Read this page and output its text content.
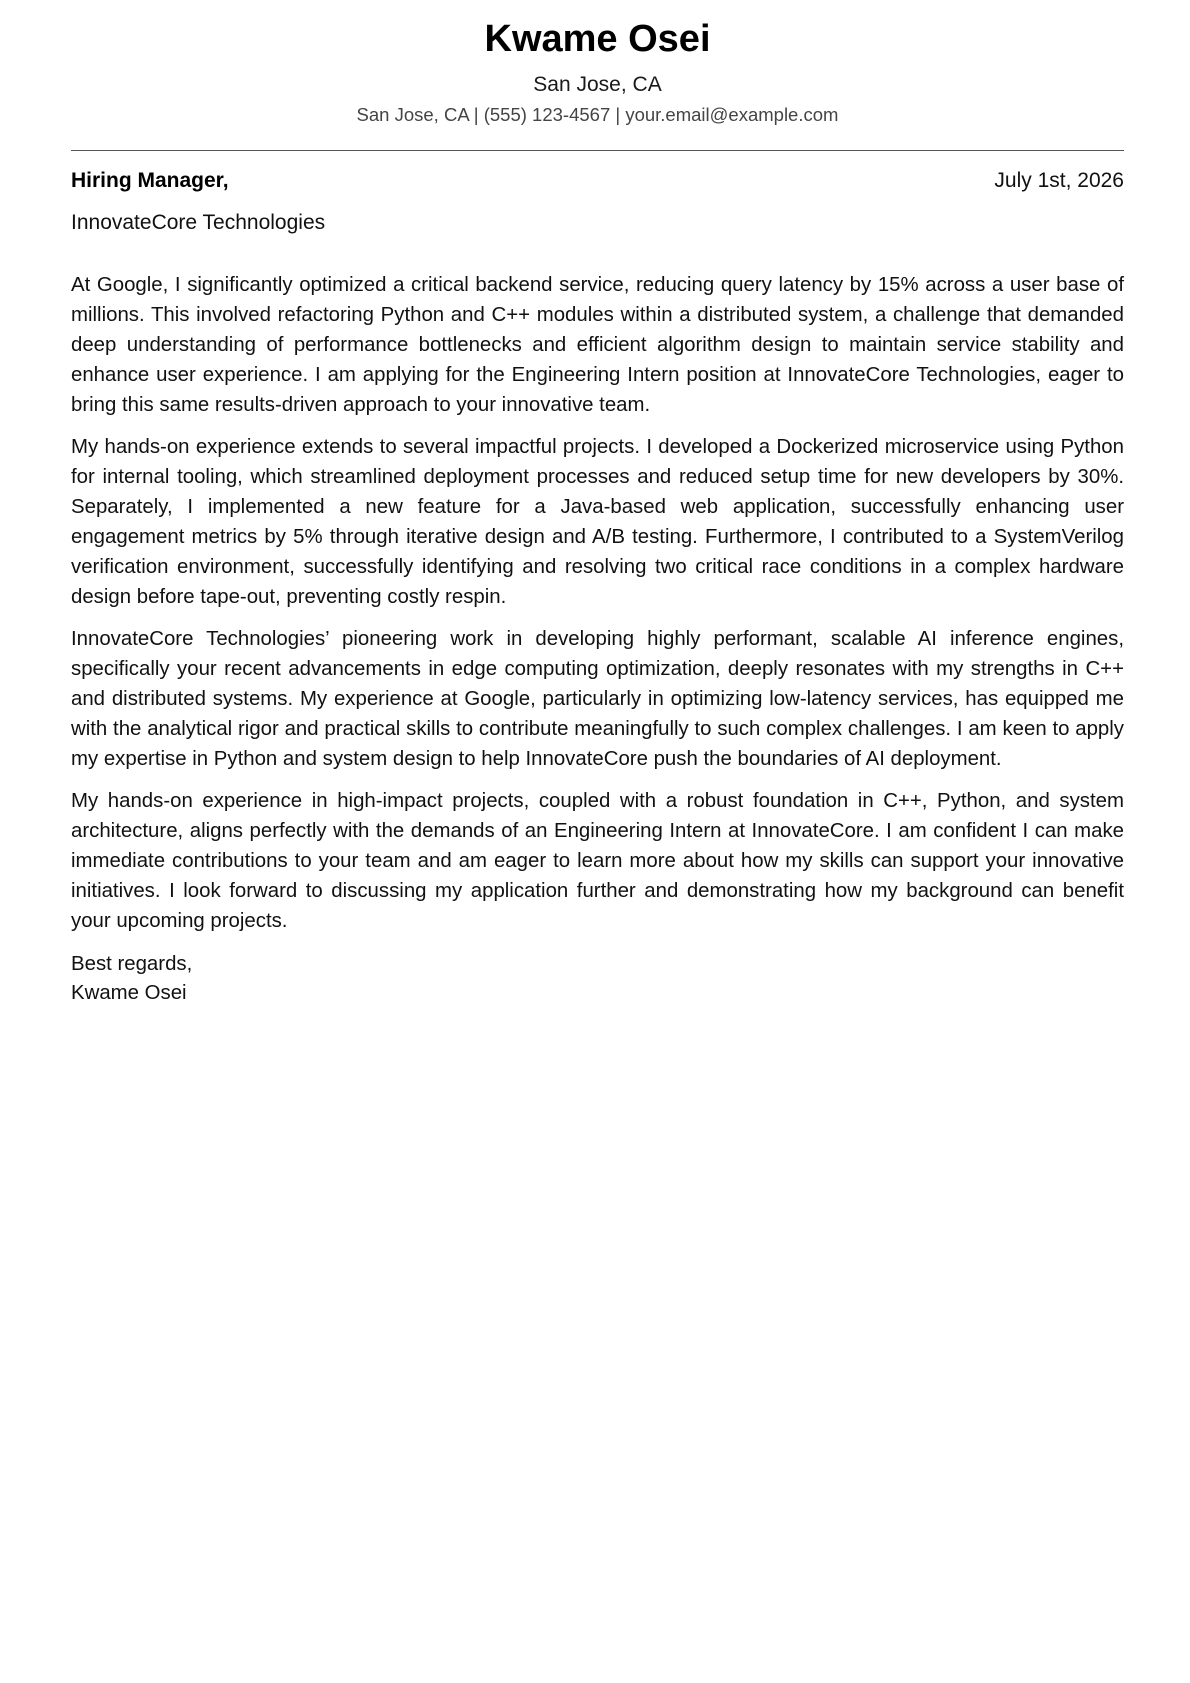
Kwame Osei
San Jose, CA
San Jose, CA | (555) 123-4567 | your.email@example.com
Hiring Manager,	July 1st, 2026
InnovateCore Technologies

At Google, I significantly optimized a critical backend service, reducing query latency by 15% across a user base of millions. This involved refactoring Python and C++ modules within a distributed system, a challenge that demanded deep understanding of performance bottlenecks and efficient algorithm design to maintain service stability and enhance user experience. I am applying for the Engineering Intern position at InnovateCore Technologies, eager to bring this same results-driven approach to your innovative team.

My hands-on experience extends to several impactful projects. I developed a Dockerized microservice using Python for internal tooling, which streamlined deployment processes and reduced setup time for new developers by 30%. Separately, I implemented a new feature for a Java-based web application, successfully enhancing user engagement metrics by 5% through iterative design and A/B testing. Furthermore, I contributed to a SystemVerilog verification environment, successfully identifying and resolving two critical race conditions in a complex hardware design before tape-out, preventing costly respin.

InnovateCore Technologies’ pioneering work in developing highly performant, scalable AI inference engines, specifically your recent advancements in edge computing optimization, deeply resonates with my strengths in C++ and distributed systems. My experience at Google, particularly in optimizing low-latency services, has equipped me with the analytical rigor and practical skills to contribute meaningfully to such complex challenges. I am keen to apply my expertise in Python and system design to help InnovateCore push the boundaries of AI deployment.

My hands-on experience in high-impact projects, coupled with a robust foundation in C++, Python, and system architecture, aligns perfectly with the demands of an Engineering Intern at InnovateCore. I am confident I can make immediate contributions to your team and am eager to learn more about how my skills can support your innovative initiatives. I look forward to discussing my application further and demonstrating how my background can benefit your upcoming projects.

Best regards,
Kwame Osei
